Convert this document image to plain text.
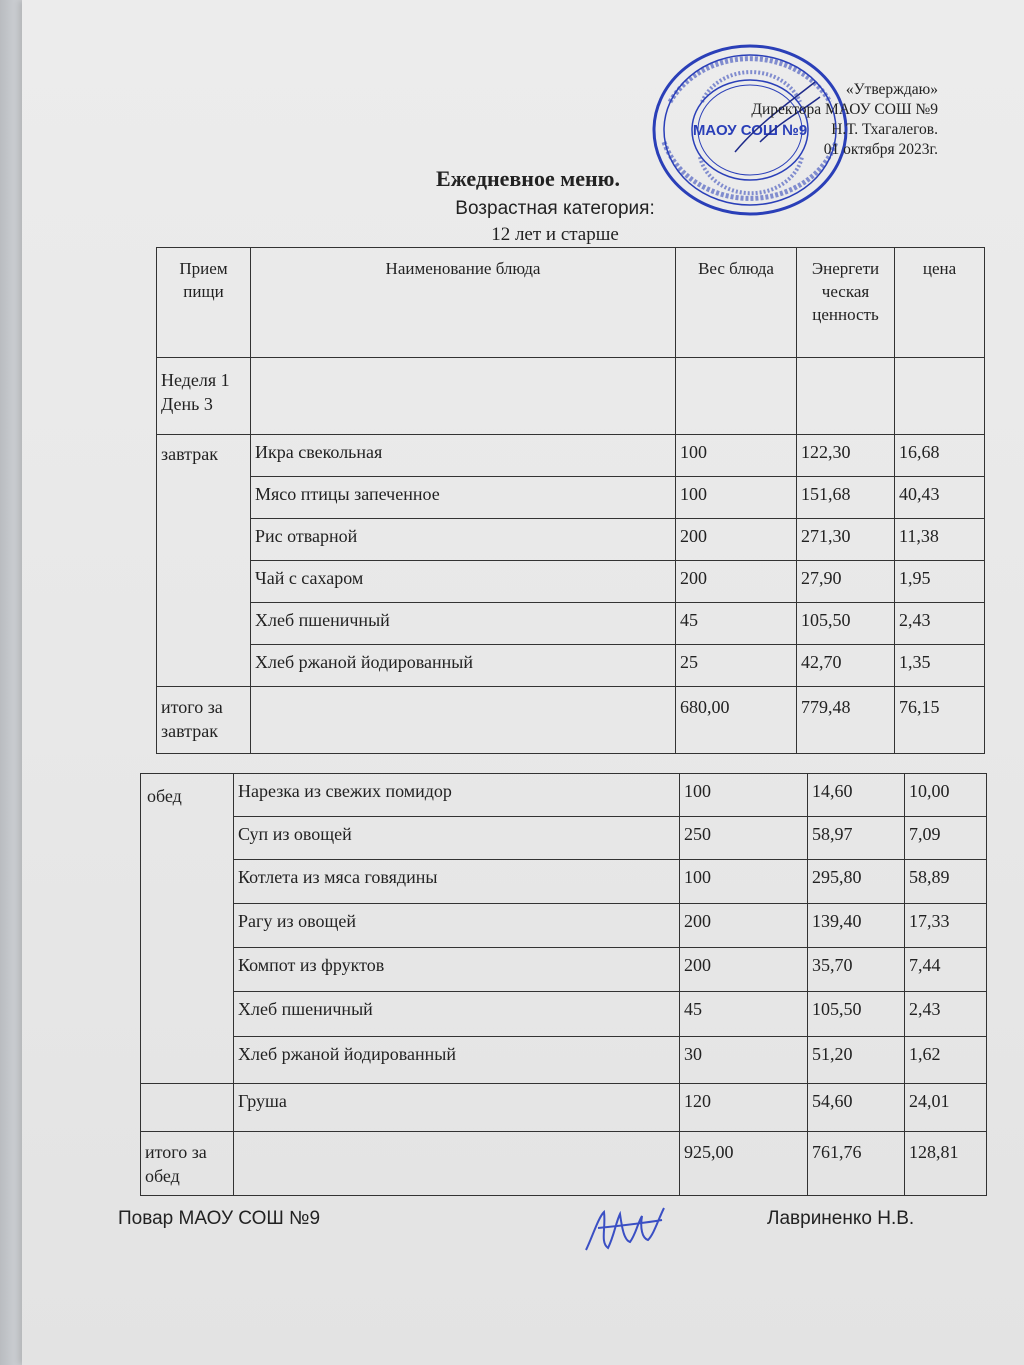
МАОУ СОШ №9
«Утверждаю»
Директора МАОУ СОШ №9
Н.Т. Тхагалегов.
01 октября 2023г.
Ежедневное меню.
Возрастная категория:
12 лет и старше
Прием пищи	Наименование блюда	Вес блюда	Энергети ческая ценность	цена
Неделя 1 День 3				
завтрак	Икра свекольная	100	122,30	16,68
	Мясо птицы запеченное	100	151,68	40,43
	Рис отварной	200	271,30	11,38
	Чай с сахаром	200	27,90	1,95
	Хлеб пшеничный	45	105,50	2,43
	Хлеб ржаной йодированный	25	42,70	1,35
итого за завтрак		680,00	779,48	76,15
обед	Нарезка из свежих помидор	100	14,60	10,00
	Суп из овощей	250	58,97	7,09
	Котлета из мяса говядины	100	295,80	58,89
	Рагу из овощей	200	139,40	17,33
	Компот из фруктов	200	35,70	7,44
	Хлеб пшеничный	45	105,50	2,43
	Хлеб ржаной йодированный	30	51,20	1,62
	Груша	120	54,60	24,01
итого за обед		925,00	761,76	128,81
Повар МАОУ СОШ №9	Лавриненко Н.В.
